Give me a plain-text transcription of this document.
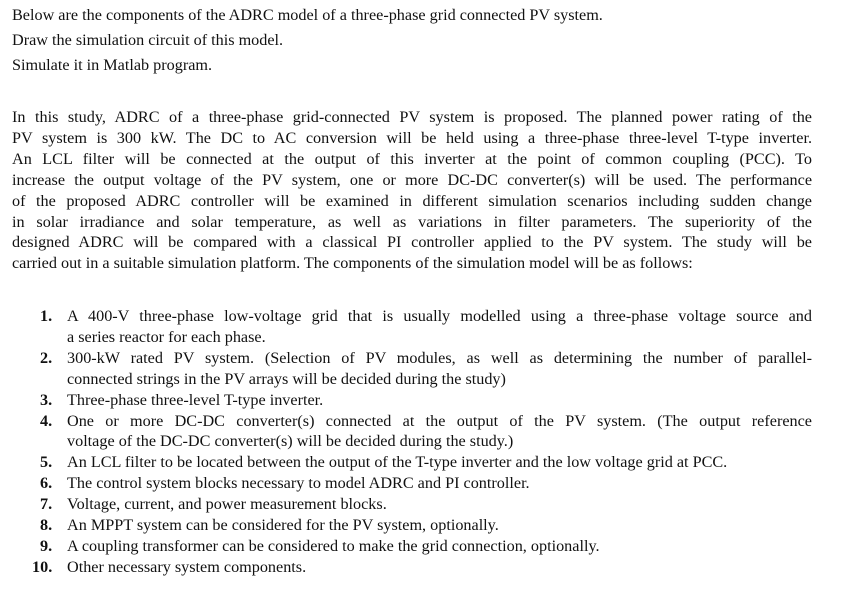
Below are the components of the ADRC model of a three-phase grid connected PV system.
Draw the simulation circuit of this model.
Simulate it in Matlab program.
In this study, ADRC of a three-phase grid-connected PV system is proposed. The planned power rating of the
PV system is 300 kW. The DC to AC conversion will be held using a three-phase three-level T-type inverter.
An LCL filter will be connected at the output of this inverter at the point of common coupling (PCC). To
increase the output voltage of the PV system, one or more DC-DC converter(s) will be used. The performance
of the proposed ADRC controller will be examined in different simulation scenarios including sudden change
in solar irradiance and solar temperature, as well as variations in filter parameters. The superiority of the
designed ADRC will be compared with a classical PI controller applied to the PV system. The study will be
carried out in a suitable simulation platform. The components of the simulation model will be as follows:
1. A 400-V three-phase low-voltage grid that is usually modelled using a three-phase voltage source and
a series reactor for each phase.
2. 300-kW rated PV system. (Selection of PV modules, as well as determining the number of parallel-
connected strings in the PV arrays will be decided during the study)
3. Three-phase three-level T-type inverter.
4. One or more DC-DC converter(s) connected at the output of the PV system. (The output reference
voltage of the DC-DC converter(s) will be decided during the study.)
5. An LCL filter to be located between the output of the T-type inverter and the low voltage grid at PCC.
6. The control system blocks necessary to model ADRC and PI controller.
7. Voltage, current, and power measurement blocks.
8. An MPPT system can be considered for the PV system, optionally.
9. A coupling transformer can be considered to make the grid connection, optionally.
10. Other necessary system components.
